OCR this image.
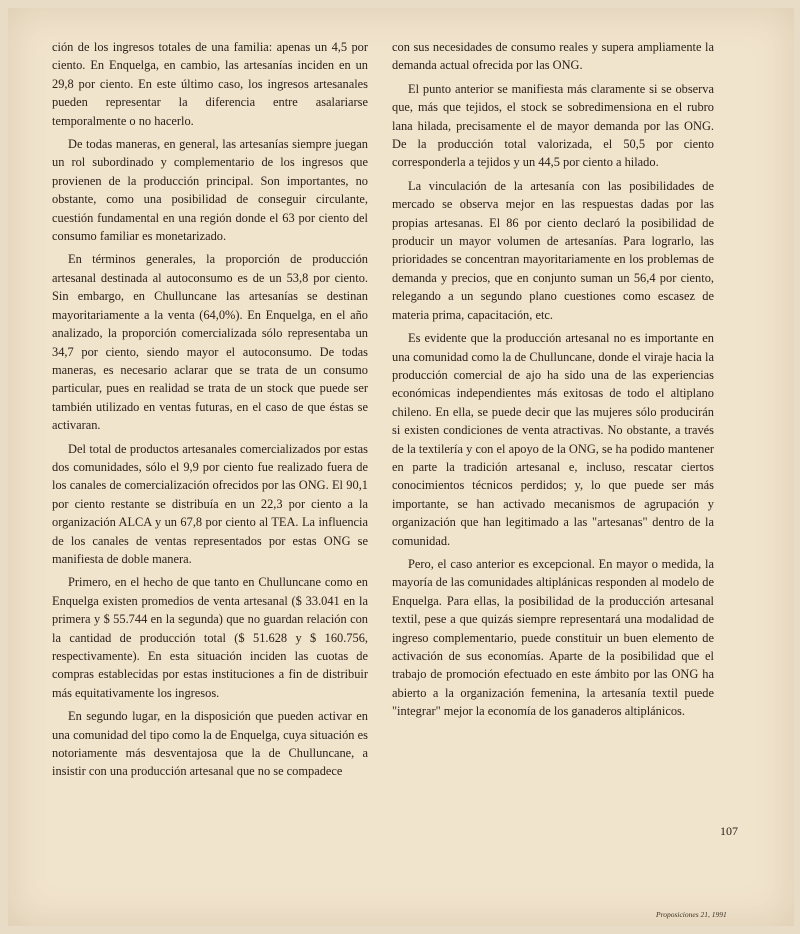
ción de los ingresos totales de una familia: apenas un 4,5 por ciento. En Enquelga, en cambio, las artesanías inciden en un 29,8 por ciento. En este último caso, los ingresos artesanales pueden representar la diferencia entre asalariarse temporalmente o no hacerlo.

De todas maneras, en general, las artesanías siempre juegan un rol subordinado y complementario de los ingresos que provienen de la producción principal. Son importantes, no obstante, como una posibilidad de conseguir circulante, cuestión fundamental en una región donde el 63 por ciento del consumo familiar es monetarizado.

En términos generales, la proporción de producción artesanal destinada al autoconsumo es de un 53,8 por ciento. Sin embargo, en Chulluncane las artesanías se destinan mayoritariamente a la venta (64,0%). En Enquelga, en el año analizado, la proporción comercializada sólo representaba un 34,7 por ciento, siendo mayor el autoconsumo. De todas maneras, es necesario aclarar que se trata de un consumo particular, pues en realidad se trata de un stock que puede ser también utilizado en ventas futuras, en el caso de que éstas se activaran.

Del total de productos artesanales comercializados por estas dos comunidades, sólo el 9,9 por ciento fue realizado fuera de los canales de comercialización ofrecidos por las ONG. El 90,1 por ciento restante se distribuía en un 22,3 por ciento a la organización ALCA y un 67,8 por ciento al TEA. La influencia de los canales de ventas representados por estas ONG se manifiesta de doble manera.

Primero, en el hecho de que tanto en Chulluncane como en Enquelga existen promedios de venta artesanal ($ 33.041 en la primera y $ 55.744 en la segunda) que no guardan relación con la cantidad de producción total ($ 51.628 y $ 160.756, respectivamente). En esta situación inciden las cuotas de compras establecidas por estas instituciones a fin de distribuir más equitativamente los ingresos.

En segundo lugar, en la disposición que pueden activar en una comunidad del tipo como la de Enquelga, cuya situación es notoriamente más desventajosa que la de Chulluncane, a insistir con una producción artesanal que no se compadece

con sus necesidades de consumo reales y supera ampliamente la demanda actual ofrecida por las ONG.

El punto anterior se manifiesta más claramente si se observa que, más que tejidos, el stock se sobredimensiona en el rubro lana hilada, precisamente el de mayor demanda por las ONG. De la producción total valorizada, el 50,5 por ciento corresponderla a tejidos y un 44,5 por ciento a hilado.

La vinculación de la artesanía con las posibilidades de mercado se observa mejor en las respuestas dadas por las propias artesanas. El 86 por ciento declaró la posibilidad de producir un mayor volumen de artesanías. Para lograrlo, las prioridades se concentran mayoritariamente en los problemas de demanda y precios, que en conjunto suman un 56,4 por ciento, relegando a un segundo plano cuestiones como escasez de materia prima, capacitación, etc.

Es evidente que la producción artesanal no es importante en una comunidad como la de Chulluncane, donde el viraje hacia la producción comercial de ajo ha sido una de las experiencias económicas independientes más exitosas de todo el altiplano chileno. En ella, se puede decir que las mujeres sólo producirán si existen condiciones de venta atractivas. No obstante, a través de la textilería y con el apoyo de la ONG, se ha podido mantener en parte la tradición artesanal e, incluso, rescatar ciertos conocimientos técnicos perdidos; y, lo que puede ser más importante, se han activado mecanismos de agrupación y organización que han legitimado a las "artesanas" dentro de la comunidad.

Pero, el caso anterior es excepcional. En mayor o medida, la mayoría de las comunidades altiplánicas responden al modelo de Enquelga. Para ellas, la posibilidad de la producción artesanal textil, pese a que quizás siempre representará una modalidad de ingreso complementario, puede constituir un buen elemento de activación de sus economías. Aparte de la posibilidad que el trabajo de promoción efectuado en este ámbito por las ONG ha abierto a la organización femenina, la artesanía textil puede "integrar" mejor la economía de los ganaderos altiplánicos.

107
Proposiciones 21, 1991
